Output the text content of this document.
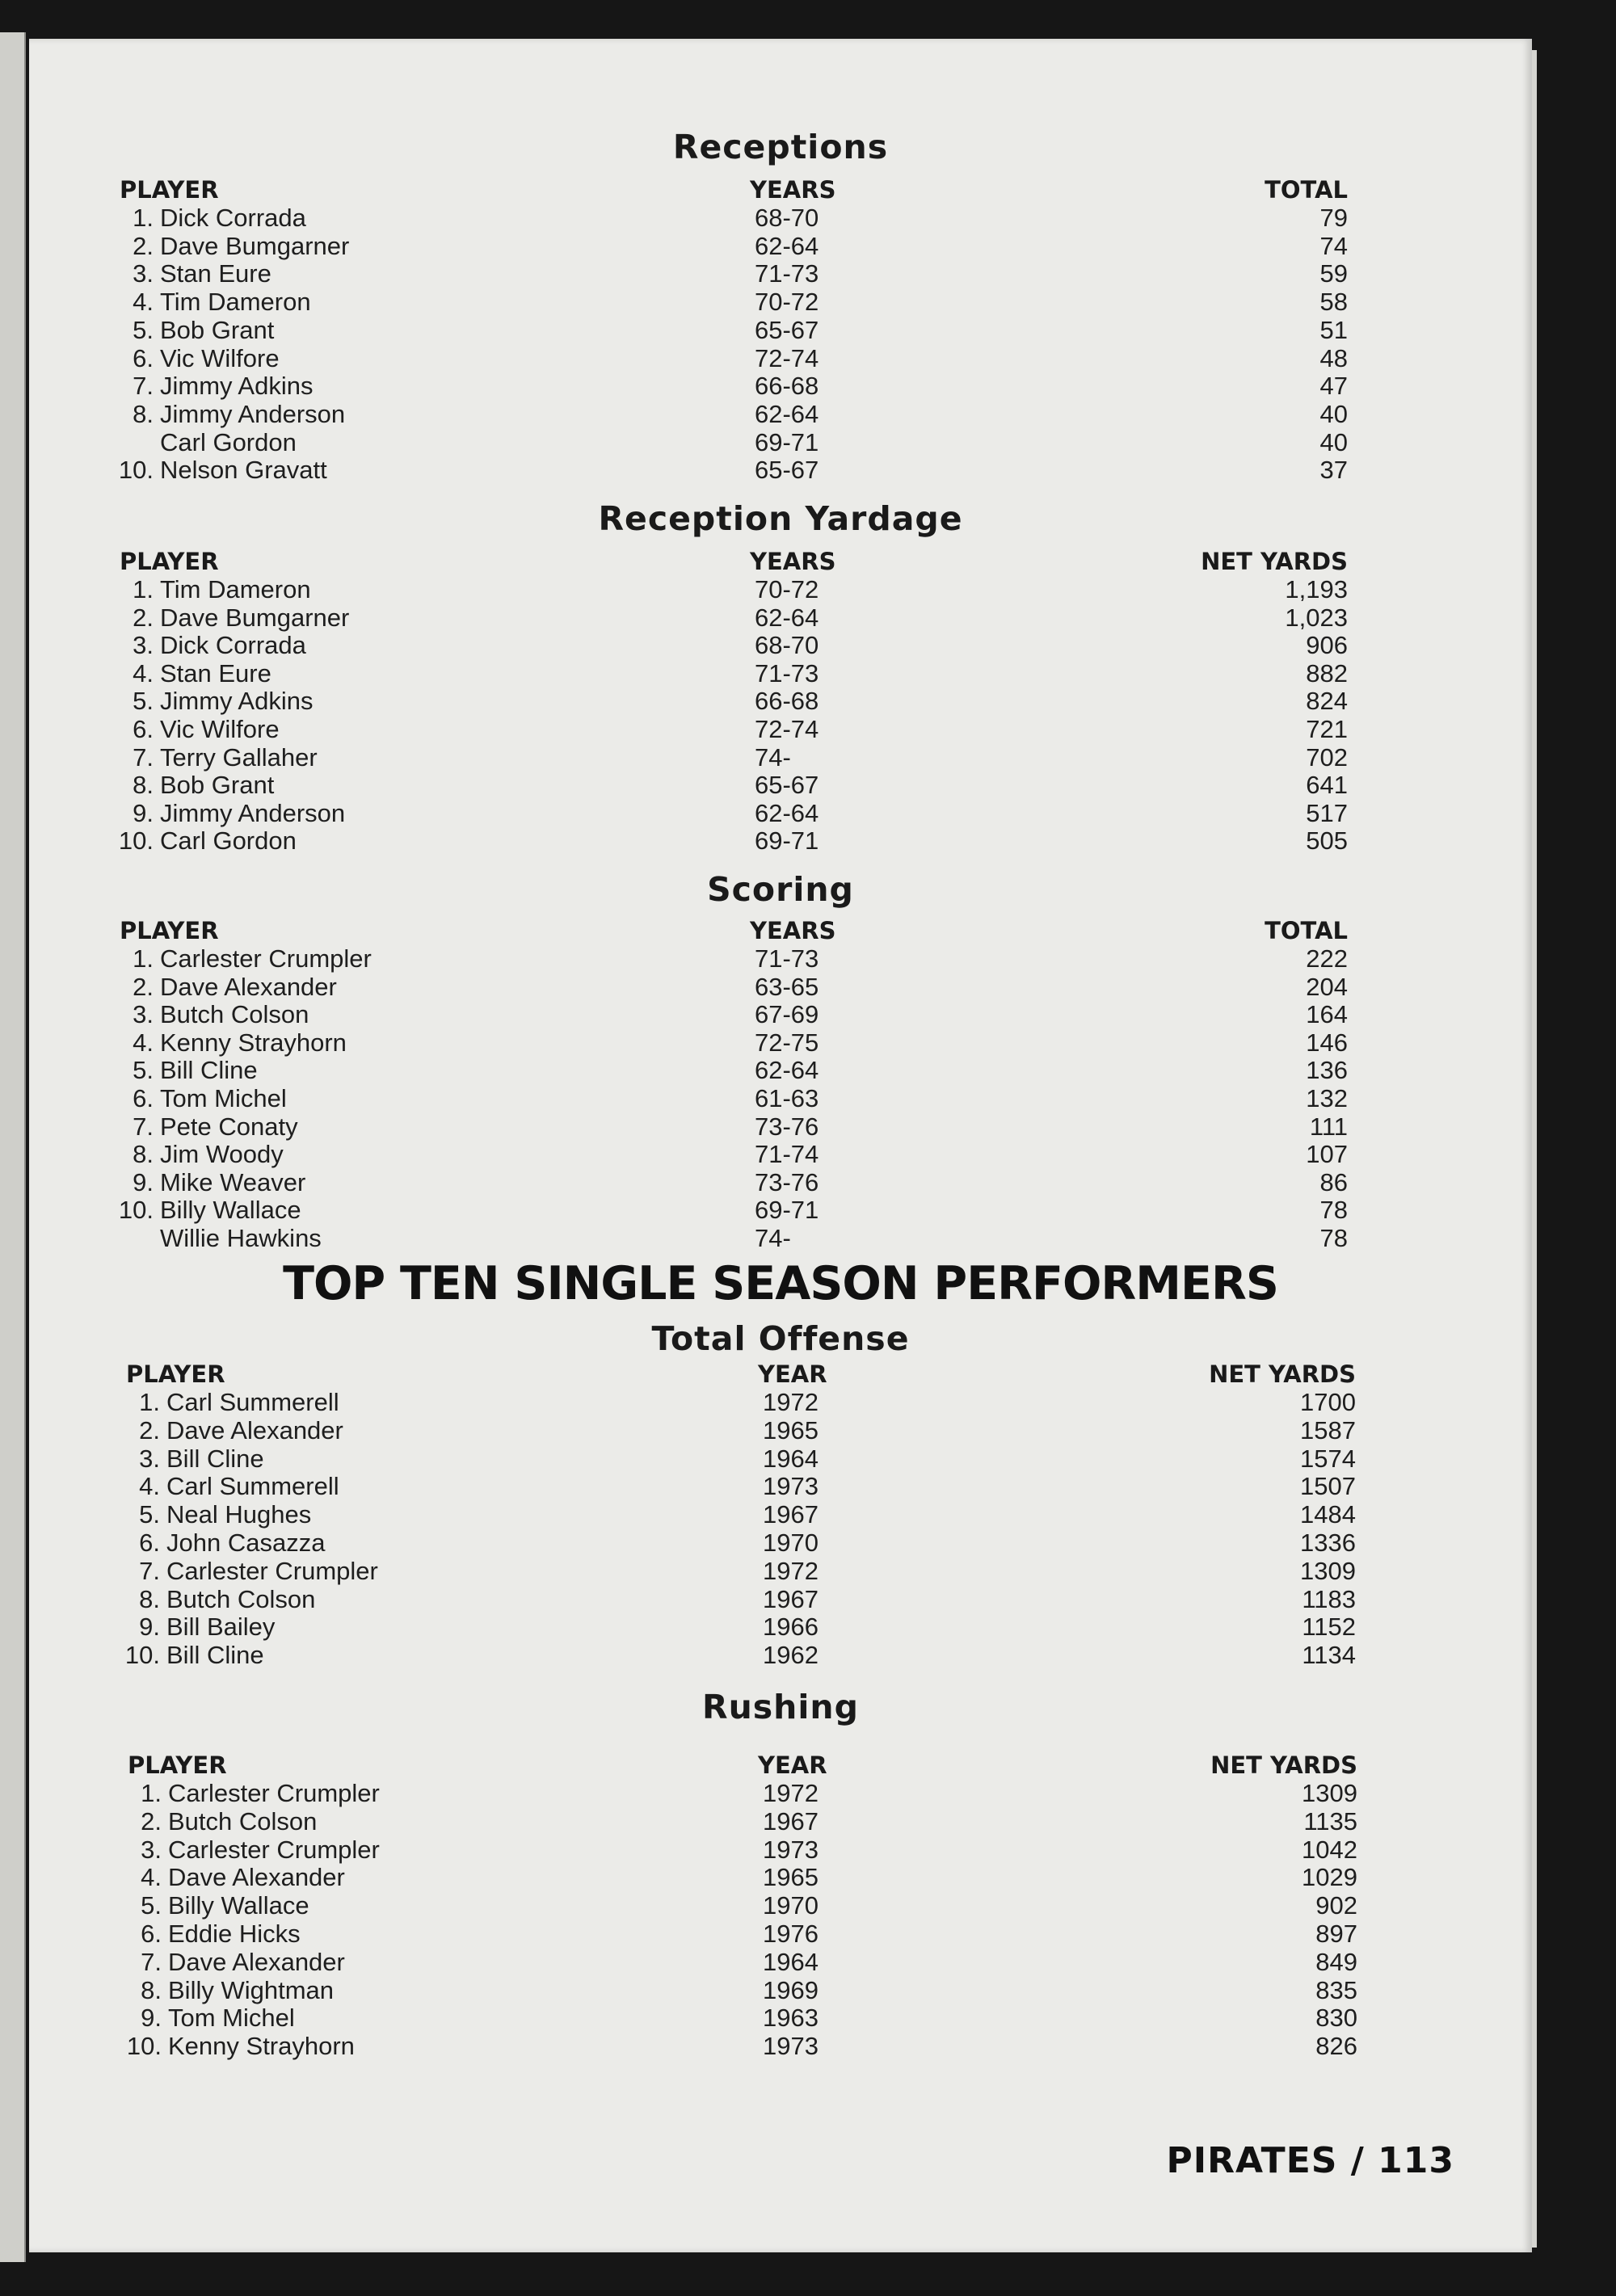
Receptions
PLAYER	YEARS	TOTAL
1. Dick Corrada	68-70	79
2. Dave Bumgarner	62-64	74
3. Stan Eure	71-73	59
4. Tim Dameron	70-72	58
5. Bob Grant	65-67	51
6. Vic Wilfore	72-74	48
7. Jimmy Adkins	66-68	47
8. Jimmy Anderson	62-64	40
Carl Gordon	69-71	40
10. Nelson Gravatt	65-67	37
Reception Yardage
PLAYER	YEARS	NET YARDS
1. Tim Dameron	70-72	1,193
2. Dave Bumgarner	62-64	1,023
3. Dick Corrada	68-70	906
4. Stan Eure	71-73	882
5. Jimmy Adkins	66-68	824
6. Vic Wilfore	72-74	721
7. Terry Gallaher	74-	702
8. Bob Grant	65-67	641
9. Jimmy Anderson	62-64	517
10. Carl Gordon	69-71	505
Scoring
PLAYER	YEARS	TOTAL
1. Carlester Crumpler	71-73	222
2. Dave Alexander	63-65	204
3. Butch Colson	67-69	164
4. Kenny Strayhorn	72-75	146
5. Bill Cline	62-64	136
6. Tom Michel	61-63	132
7. Pete Conaty	73-76	111
8. Jim Woody	71-74	107
9. Mike Weaver	73-76	86
10. Billy Wallace	69-71	78
Willie Hawkins	74-	78
Total Offense
PLAYER	YEAR	NET YARDS
1. Carl Summerell	1972	1700
2. Dave Alexander	1965	1587
3. Bill Cline	1964	1574
4. Carl Summerell	1973	1507
5. Neal Hughes	1967	1484
6. John Casazza	1970	1336
7. Carlester Crumpler	1972	1309
8. Butch Colson	1967	1183
9. Bill Bailey	1966	1152
10. Bill Cline	1962	1134
Rushing
PLAYER	YEAR	NET YARDS
1. Carlester Crumpler	1972	1309
2. Butch Colson	1967	1135
3. Carlester Crumpler	1973	1042
4. Dave Alexander	1965	1029
5. Billy Wallace	1970	902
6. Eddie Hicks	1976	897
7. Dave Alexander	1964	849
8. Billy Wightman	1969	835
9. Tom Michel	1963	830
10. Kenny Strayhorn	1973	826
TOP TEN SINGLE SEASON PERFORMERS
PIRATES / 113
